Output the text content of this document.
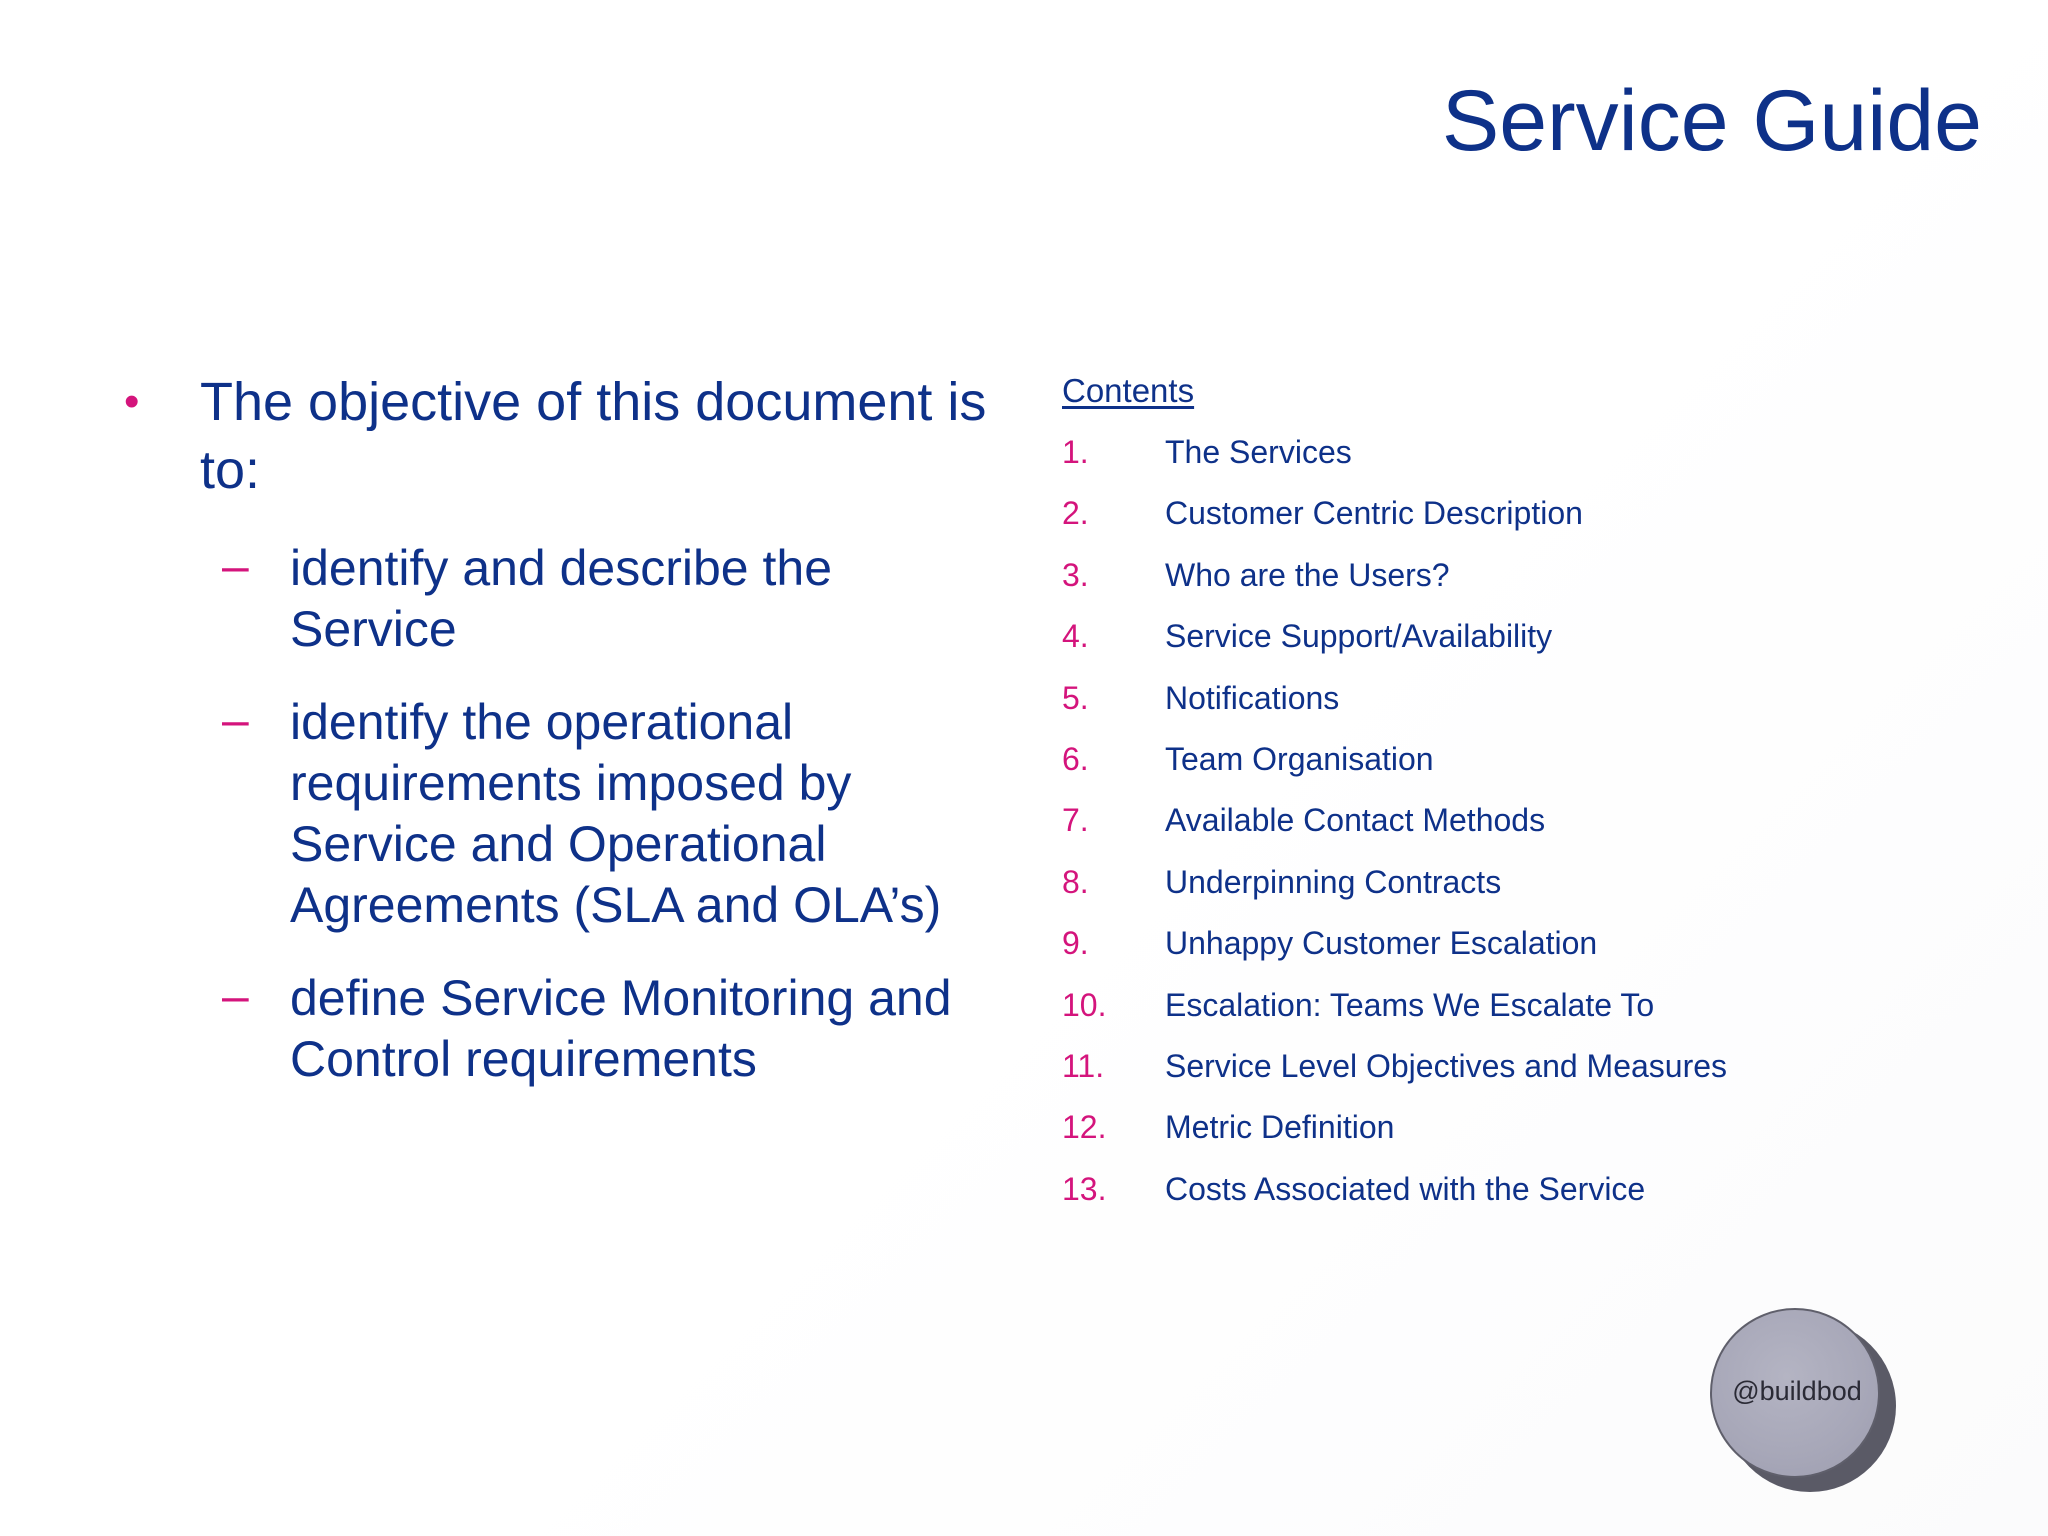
Service Guide
• The objective of this document is to:
– identify and describe the Service
– identify the operational requirements imposed by Service and Operational Agreements (SLA and OLA’s)
– define Service Monitoring and Control requirements
Contents
1.	The Services
2.	Customer Centric Description
3.	Who are the Users?
4.	Service Support/Availability
5.	Notifications
6.	Team Organisation
7.	Available Contact Methods
8.	Underpinning Contracts
9.	Unhappy Customer Escalation
10.	Escalation: Teams We Escalate To
11.	Service Level Objectives and Measures
12.	Metric Definition
13.	Costs Associated with the Service
@buildbod
